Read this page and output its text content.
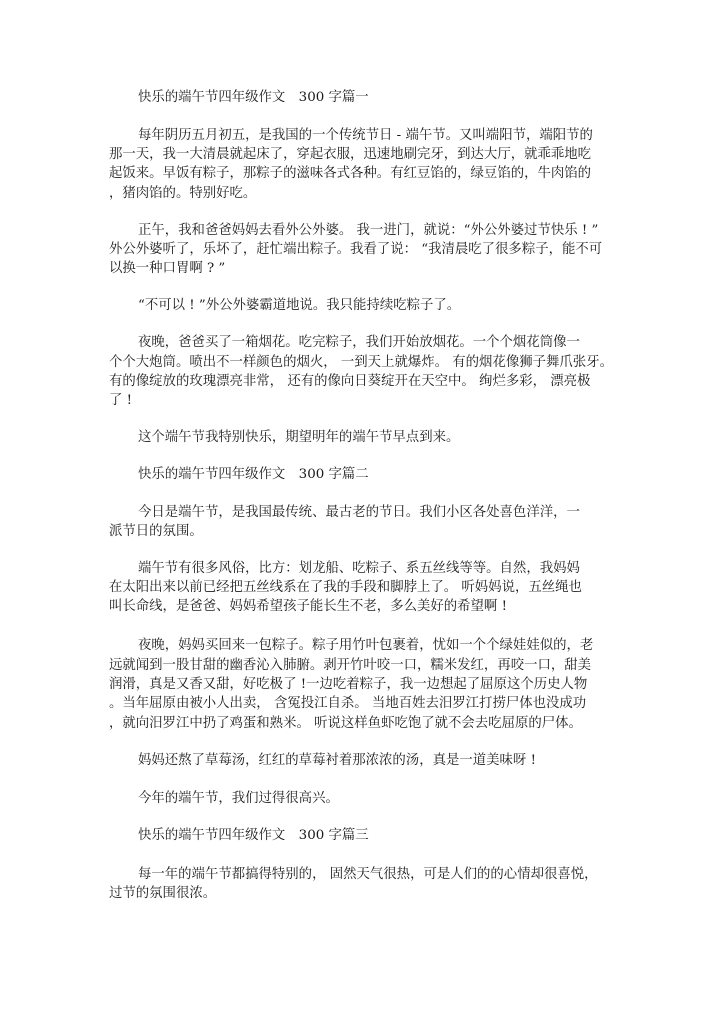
快乐的端午节四年级作文　300 字篇一

每年阴历五月初五，是我国的一个传统节日 - 端午节。又叫端阳节，端阳节的

那一天，我一大清晨就起床了，穿起衣服，迅速地刷完牙，到达大厅，就乖乖地吃

起饭来。早饭有粽子，那粽子的滋味各式各种。有红豆馅的，绿豆馅的，牛肉馅的

，猪肉馅的。特别好吃。

正午，我和爸爸妈妈去看外公外婆。 我一进门，就说：“外公外婆过节快乐 ! ”

外公外婆听了，乐坏了，赶忙端出粽子。我看了说： “我清晨吃了很多粽子，能不可

以换一种口胃啊 ? ”

“不可以 ! ”外公外婆霸道地说。我只能持续吃粽子了。

夜晚，爸爸买了一箱烟花。吃完粽子，我们开始放烟花。一个个烟花筒像一

个个大炮筒。喷出不一样颜色的烟火， 一到天上就爆炸。 有的烟花像狮子舞爪张牙。

有的像绽放的玫瑰漂亮非常， 还有的像向日葵绽开在天空中。 绚烂多彩， 漂亮极

了 !

这个端午节我特别快乐，期望明年的端午节早点到来。

快乐的端午节四年级作文　300 字篇二

今日是端午节，是我国最传统、最古老的节日。我们小区各处喜色洋洋，一

派节日的氛围。

端午节有很多风俗，比方：划龙船、吃粽子、系五丝线等等。自然，我妈妈

在太阳出来以前已经把五丝线系在了我的手段和脚脖上了。 听妈妈说，五丝绳也

叫长命线，是爸爸、妈妈希望孩子能长生不老，多么美好的希望啊 !

夜晚，妈妈买回来一包粽子。粽子用竹叶包裹着，忧如一个个绿娃娃似的，老

远就闻到一股甘甜的幽香沁入肺腑。剥开竹叶咬一口，糯米发红，再咬一口，甜美

润滑，真是又香又甜，好吃极了 !一边吃着粽子，我一边想起了屈原这个历史人物

。当年屈原由被小人出卖， 含冤投江自杀。 当地百姓去汨罗江打捞尸体也没成功

，就向汨罗江中扔了鸡蛋和熟米。 听说这样鱼虾吃饱了就不会去吃屈原的尸体。

妈妈还熬了草莓汤，红红的草莓衬着那浓浓的汤，真是一道美味呀 !

今年的端午节，我们过得很高兴。

快乐的端午节四年级作文　300 字篇三

每一年的端午节都搞得特别的， 固然天气很热，可是人们的的心情却很喜悦，

过节的氛围很浓。
